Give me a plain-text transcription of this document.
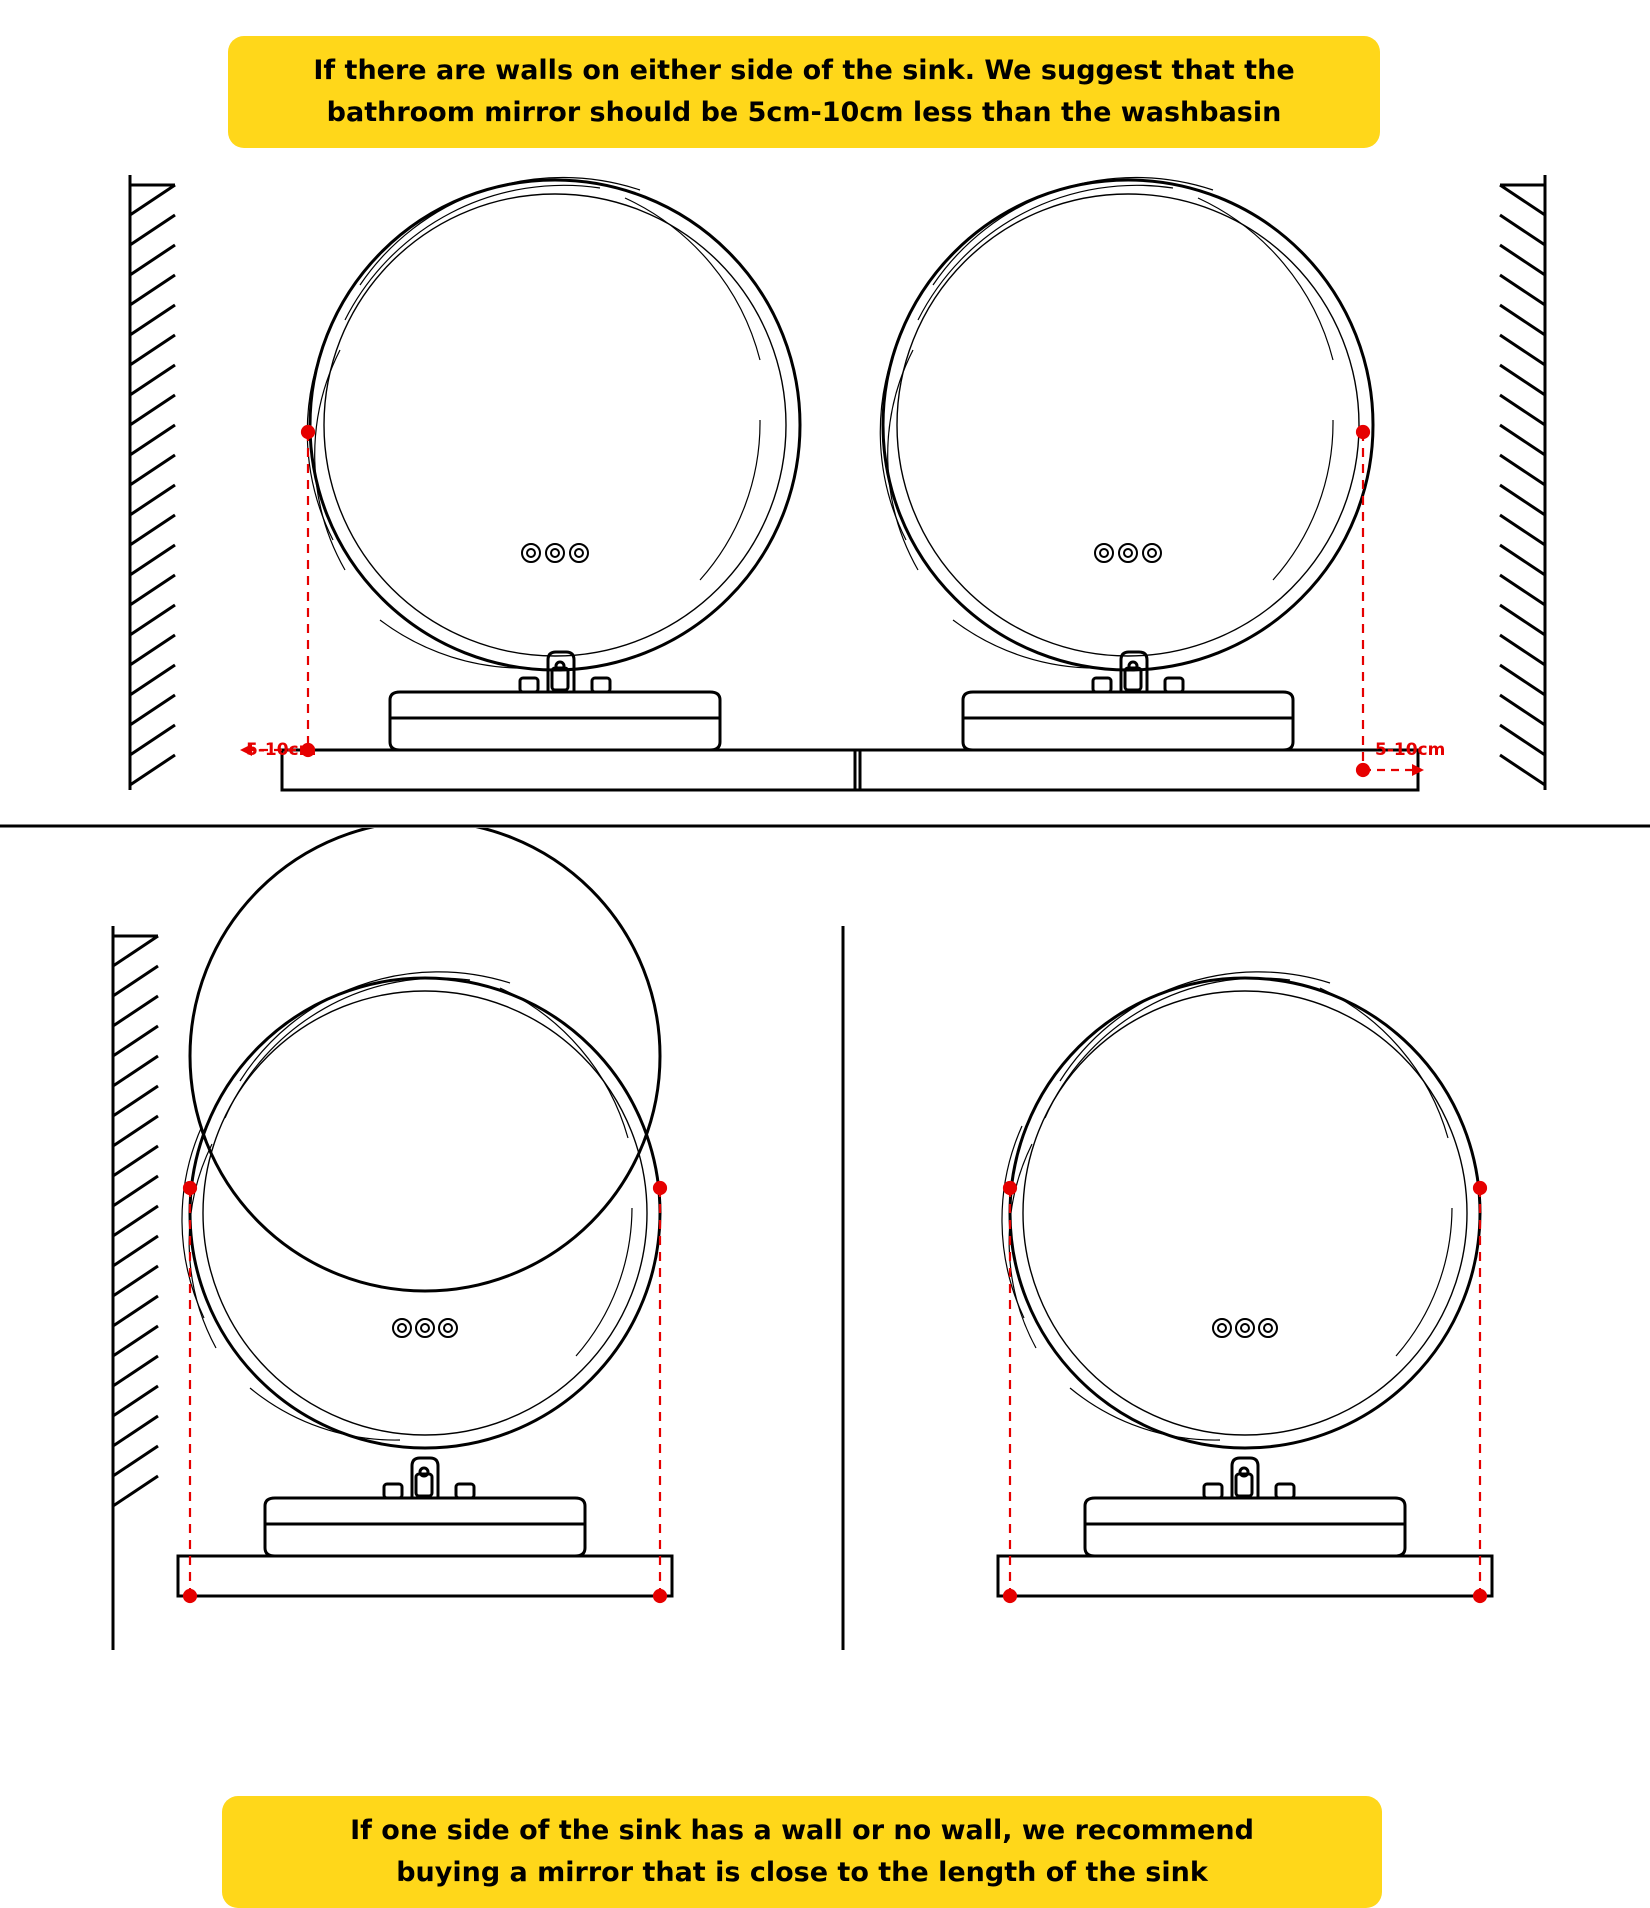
If there are walls on either side of the sink. We suggest that the
bathroom mirror should be 5cm-10cm less than the washbasin
5-10cm	5-10cm
If one side of the sink has a wall or no wall, we recommend
buying a mirror that is close to the length of the sink
